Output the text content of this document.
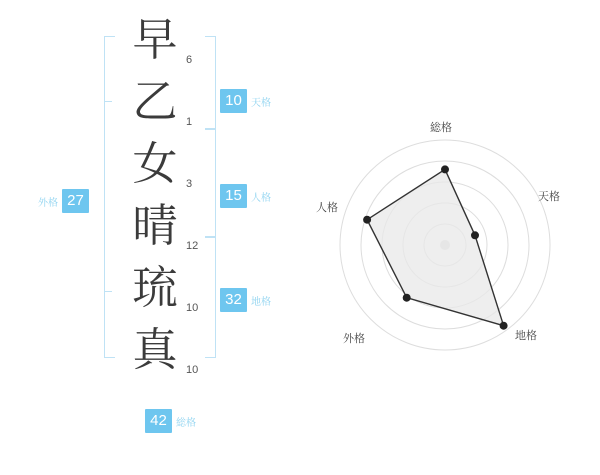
早 6
乙 1
女 3
晴 12
琉 10
真 10
10 天格
15 人格
32 地格
27
外格
42 総格
総格
天格
地格
外格
人格
